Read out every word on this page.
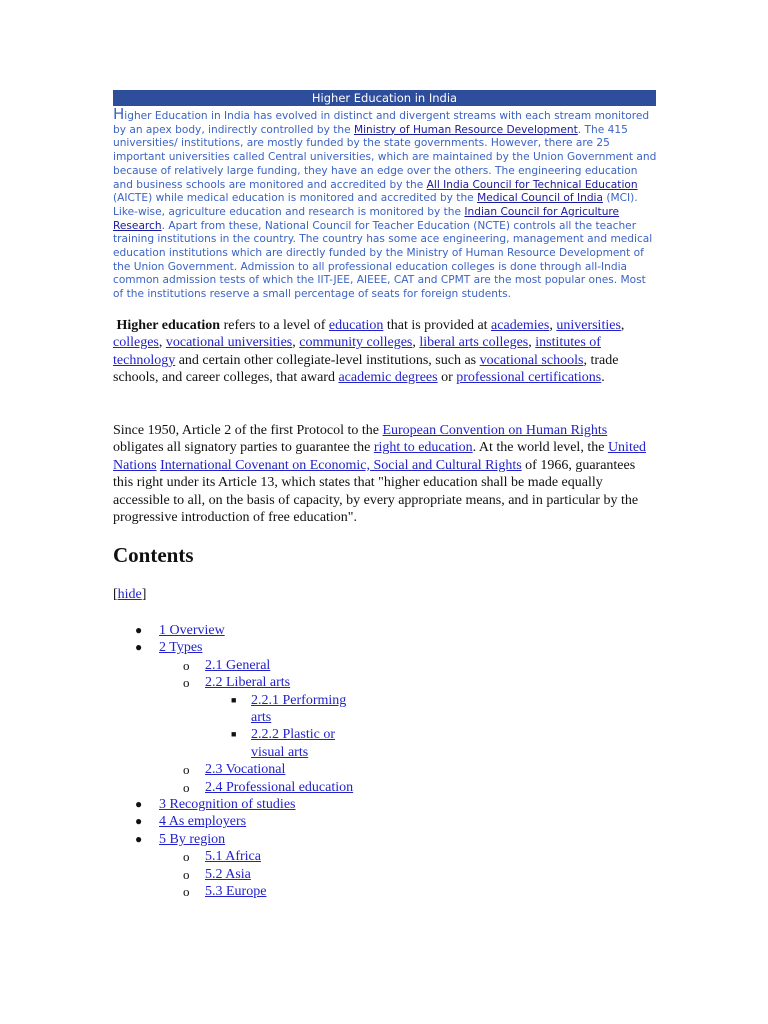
Higher Education in India

Higher Education in India has evolved in distinct and divergent streams with each stream monitored by an apex body, indirectly controlled by the Ministry of Human Resource Development. The 415 universities/ institutions, are mostly funded by the state governments. However, there are 25 important universities called Central universities, which are maintained by the Union Government and because of relatively large funding, they have an edge over the others. The engineering education and business schools are monitored and accredited by the All India Council for Technical Education (AICTE) while medical education is monitored and accredited by the Medical Council of India (MCI). Like-wise, agriculture education and research is monitored by the Indian Council for Agriculture Research. Apart from these, National Council for Teacher Education (NCTE) controls all the teacher training institutions in the country. The country has some ace engineering, management and medical education institutions which are directly funded by the Ministry of Human Resource Development of the Union Government. Admission to all professional education colleges is done through all-India common admission tests of which the IIT-JEE, AIEEE, CAT and CPMT are the most popular ones. Most of the institutions reserve a small percentage of seats for foreign students.

Higher education refers to a level of education that is provided at academies, universities, colleges, vocational universities, community colleges, liberal arts colleges, institutes of technology and certain other collegiate-level institutions, such as vocational schools, trade schools, and career colleges, that award academic degrees or professional certifications.

Since 1950, Article 2 of the first Protocol to the European Convention on Human Rights obligates all signatory parties to guarantee the right to education. At the world level, the United Nations International Covenant on Economic, Social and Cultural Rights of 1966, guarantees this right under its Article 13, which states that "higher education shall be made equally accessible to all, on the basis of capacity, by every appropriate means, and in particular by the progressive introduction of free education".

Contents
[hide]
● 1 Overview
● 2 Types
o 2.1 General
o 2.2 Liberal arts
■ 2.2.1 Performing arts
■ 2.2.2 Plastic or visual arts
o 2.3 Vocational
o 2.4 Professional education
● 3 Recognition of studies
● 4 As employers
● 5 By region
o 5.1 Africa
o 5.2 Asia
o 5.3 Europe
